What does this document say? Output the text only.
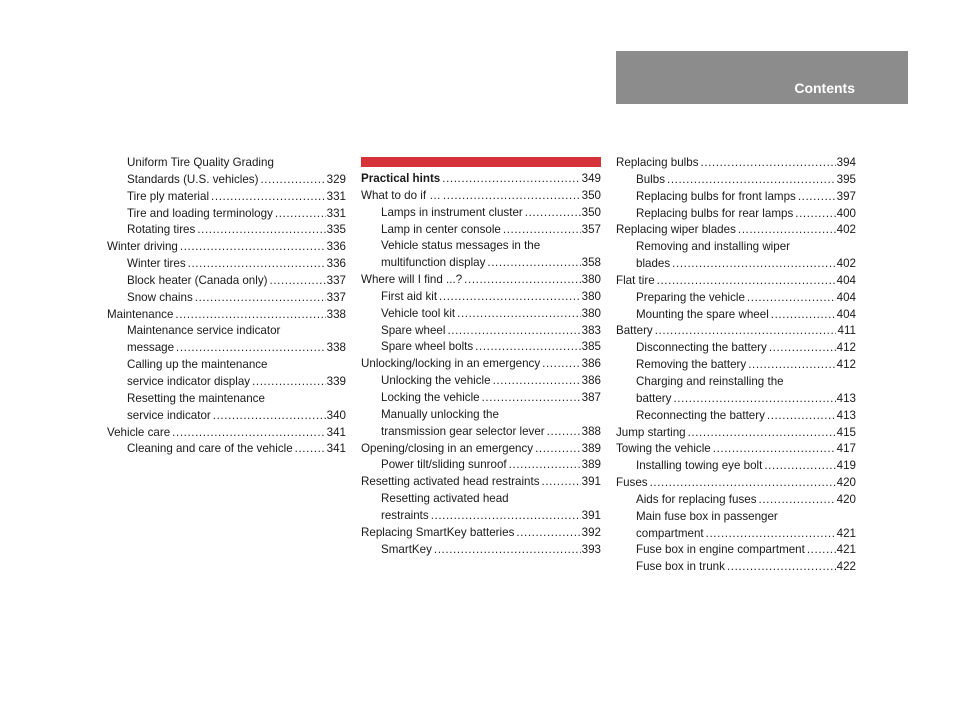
Contents
Uniform Tire Quality Grading
Standards (U.S. vehicles) .....	329
Tire ply material .....	331
Tire and loading terminology .....	331
Rotating tires .....	335
Winter driving .....	336
Winter tires .....	336
Block heater (Canada only) .....	337
Snow chains .....	337
Maintenance .....	338
Maintenance service indicator
message .....	338
Calling up the maintenance
service indicator display .....	339
Resetting the maintenance
service indicator .....	340
Vehicle care .....	341
Cleaning and care of the vehicle .....	341
Practical hints .....	349
What to do if … .....	350
Lamps in instrument cluster .....	350
Lamp in center console .....	357
Vehicle status messages in the
multifunction display .....	358
Where will I find ...? .....	380
First aid kit .....	380
Vehicle tool kit .....	380
Spare wheel .....	383
Spare wheel bolts .....	385
Unlocking/locking in an emergency .....	386
Unlocking the vehicle .....	386
Locking the vehicle .....	387
Manually unlocking the
transmission gear selector lever .....	388
Opening/closing in an emergency .....	389
Power tilt/sliding sunroof .....	389
Resetting activated head restraints .....	391
Resetting activated head
restraints .....	391
Replacing SmartKey batteries .....	392
SmartKey .....	393
Replacing bulbs .....	394
Bulbs .....	395
Replacing bulbs for front lamps .....	397
Replacing bulbs for rear lamps .....	400
Replacing wiper blades .....	402
Removing and installing wiper
blades .....	402
Flat tire .....	404
Preparing the vehicle .....	404
Mounting the spare wheel .....	404
Battery .....	411
Disconnecting the battery .....	412
Removing the battery .....	412
Charging and reinstalling the
battery .....	413
Reconnecting the battery .....	413
Jump starting .....	415
Towing the vehicle .....	417
Installing towing eye bolt .....	419
Fuses .....	420
Aids for replacing fuses .....	420
Main fuse box in passenger
compartment .....	421
Fuse box in engine compartment .....	421
Fuse box in trunk .....	422
